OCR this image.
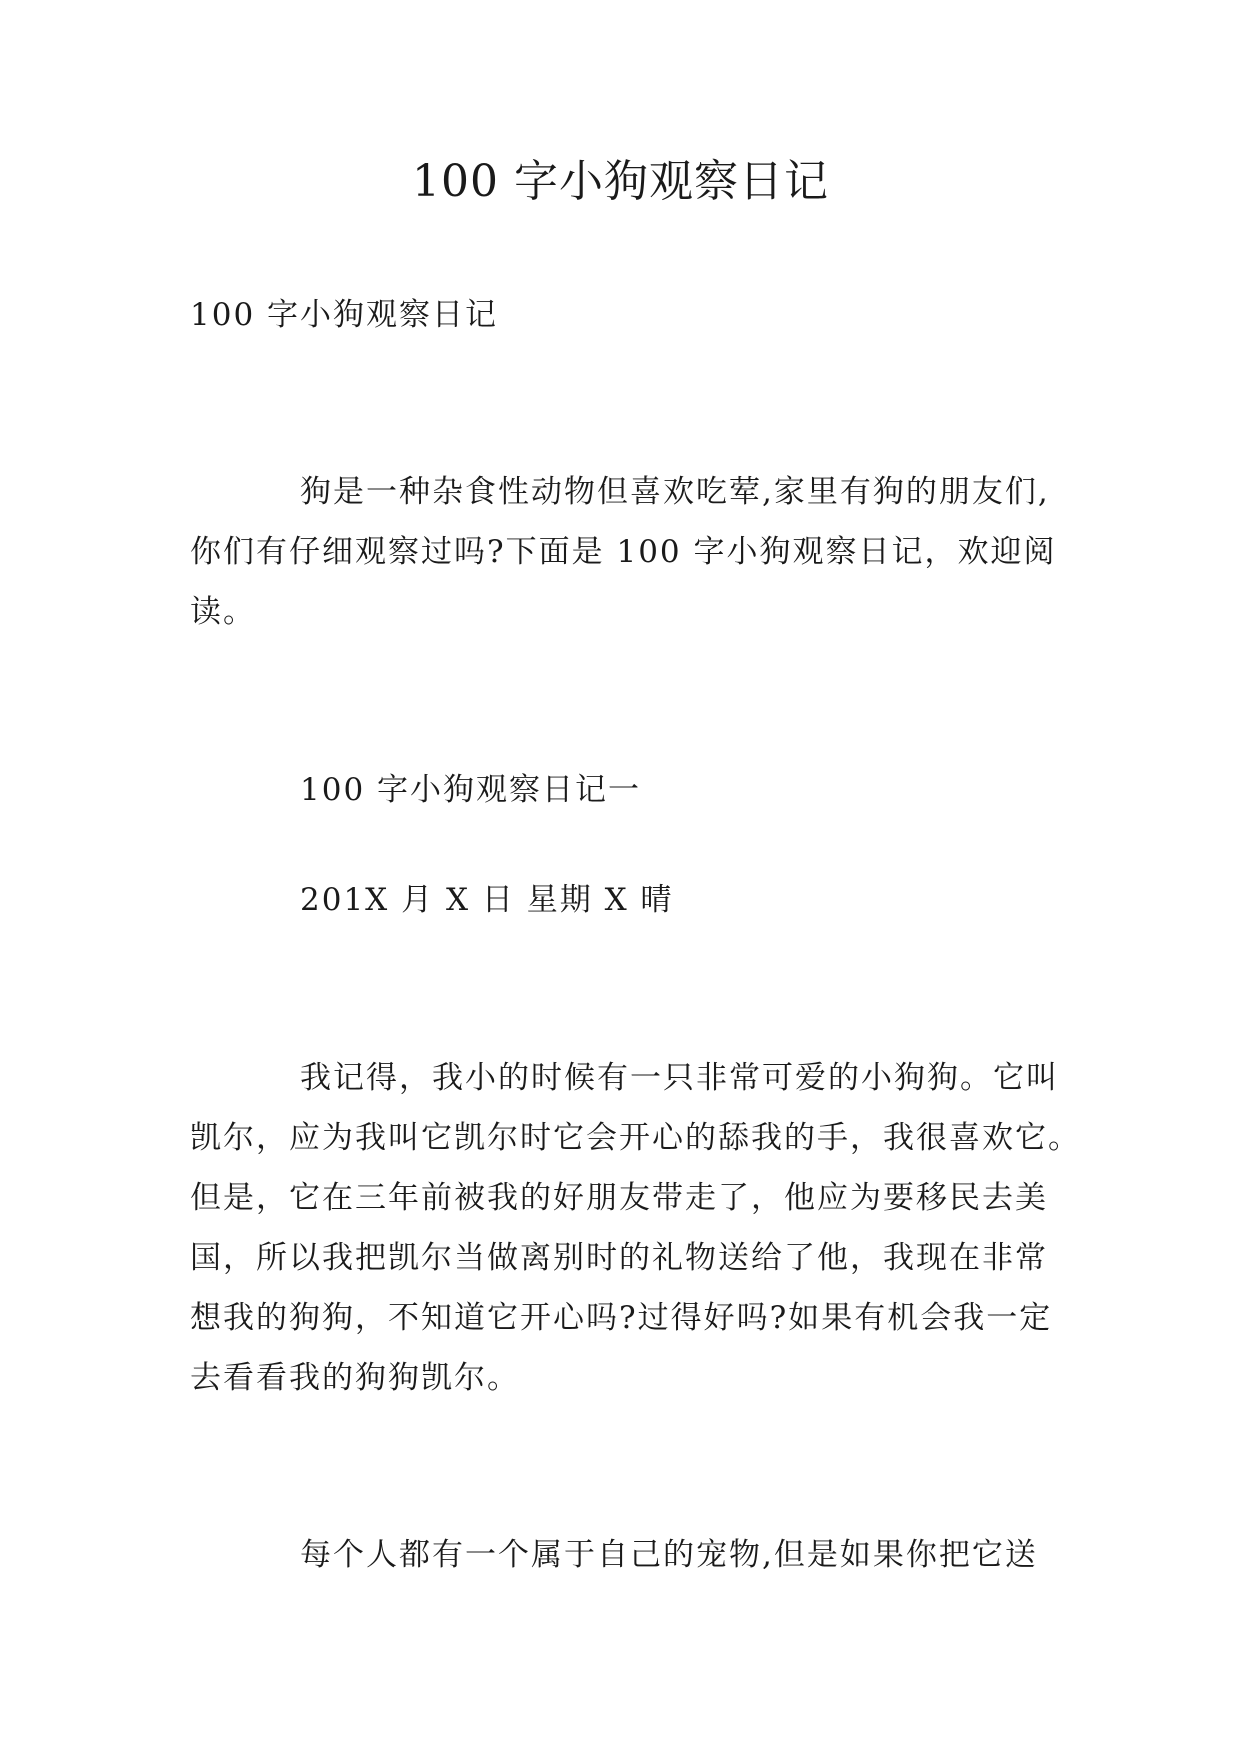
100 字小狗观察日记

100 字小狗观察日记

狗是一种杂食性动物但喜欢吃荤,家里有狗的朋友们,

你们有仔细观察过吗?下面是 100 字小狗观察日记，欢迎阅

读。

100 字小狗观察日记一

201X 月 X 日 星期 X 晴

我记得，我小的时候有一只非常可爱的小狗狗。它叫

凯尔，应为我叫它凯尔时它会开心的舔我的手，我很喜欢它。

但是，它在三年前被我的好朋友带走了，他应为要移民去美

国，所以我把凯尔当做离别时的礼物送给了他，我现在非常

想我的狗狗，不知道它开心吗?过得好吗?如果有机会我一定

去看看我的狗狗凯尔。

每个人都有一个属于自己的宠物,但是如果你把它送
